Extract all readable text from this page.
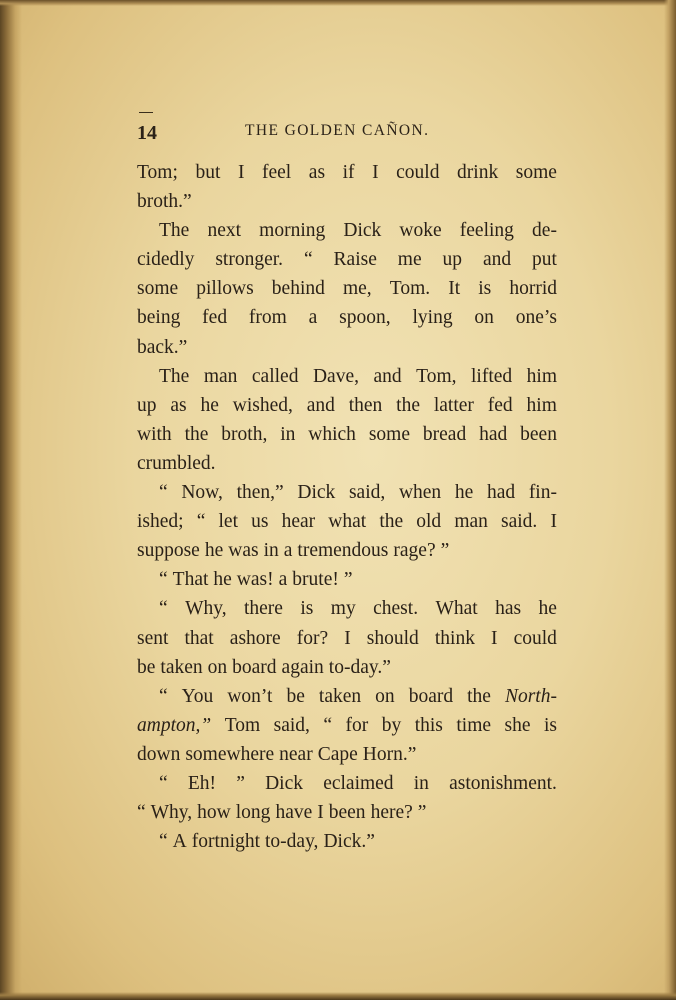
14	THE GOLDEN CAÑON.
Tom; but I feel as if I could drink some
broth.”
The next morning Dick woke feeling de-
cidedly stronger. “ Raise me up and put
some pillows behind me, Tom. It is horrid
being fed from a spoon, lying on one’s
back.”
The man called Dave, and Tom, lifted him
up as he wished, and then the latter fed him
with the broth, in which some bread had been
crumbled.
“ Now, then,” Dick said, when he had fin-
ished; “ let us hear what the old man said. I
suppose he was in a tremendous rage? ”
“ That he was! a brute! ”
“ Why, there is my chest. What has he
sent that ashore for? I should think I could
be taken on board again to-day.”
“ You won’t be taken on board the North-
ampton,” Tom said, “ for by this time she is
down somewhere near Cape Horn.”
“ Eh! ” Dick eclaimed in astonishment.
“ Why, how long have I been here? ”
“ A fortnight to-day, Dick.”
